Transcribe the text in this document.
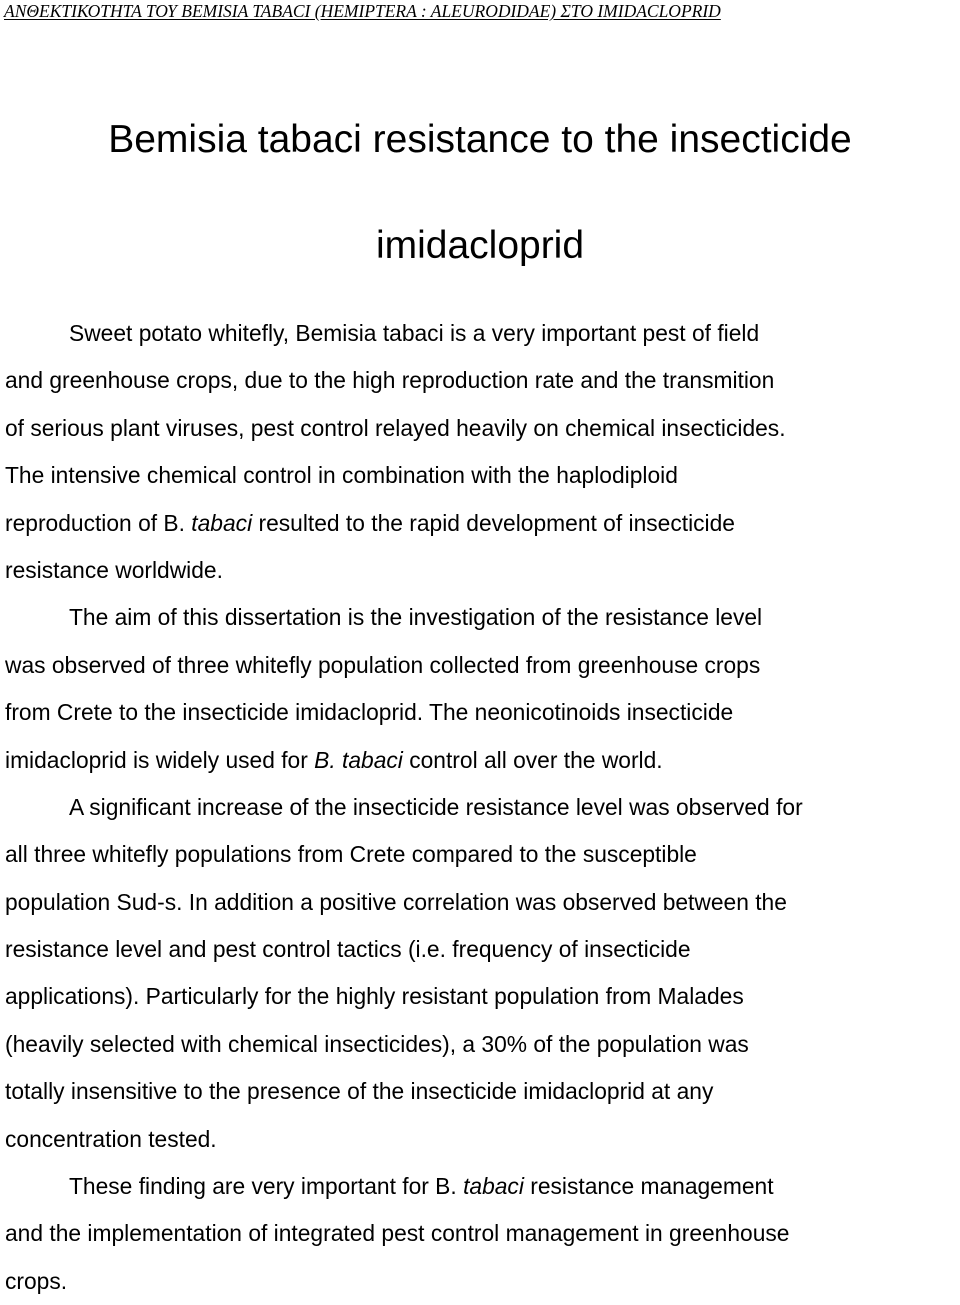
ΑΝΘΕΚΤΙΚΟΤΗΤΑ ΤΟΥ BEMISIA TABACI (HEMIPTERA : ALEURODIDAE) ΣΤΟ IMIDACLOPRID
Bemisia tabaci resistance to the insecticide
imidacloprid
Sweet potato whitefly, Bemisia tabaci is a very important pest of field
and greenhouse crops, due to the high reproduction rate and the transmition
of serious plant viruses, pest control relayed heavily on chemical insecticides.
The intensive chemical control in combination with the haplodiploid
reproduction of B. tabaci resulted to the rapid development of insecticide
resistance worldwide.
The aim of this dissertation is the investigation of the resistance level
was observed of three whitefly population collected from greenhouse crops
from Crete to the insecticide imidacloprid. The neonicotinoids insecticide
imidacloprid is widely used for B. tabaci control all over the world.
A significant increase of the insecticide resistance level was observed for
all three whitefly populations from Crete compared to the susceptible
population Sud-s. In addition a positive correlation was observed between the
resistance level and pest control tactics (i.e. frequency of insecticide
applications). Particularly for the highly resistant population from Malades
(heavily selected with chemical insecticides), a 30% of the population was
totally insensitive to the presence of the insecticide imidacloprid at any
concentration tested.
These finding are very important for B. tabaci resistance management
and the implementation of integrated pest control management in greenhouse
crops.
